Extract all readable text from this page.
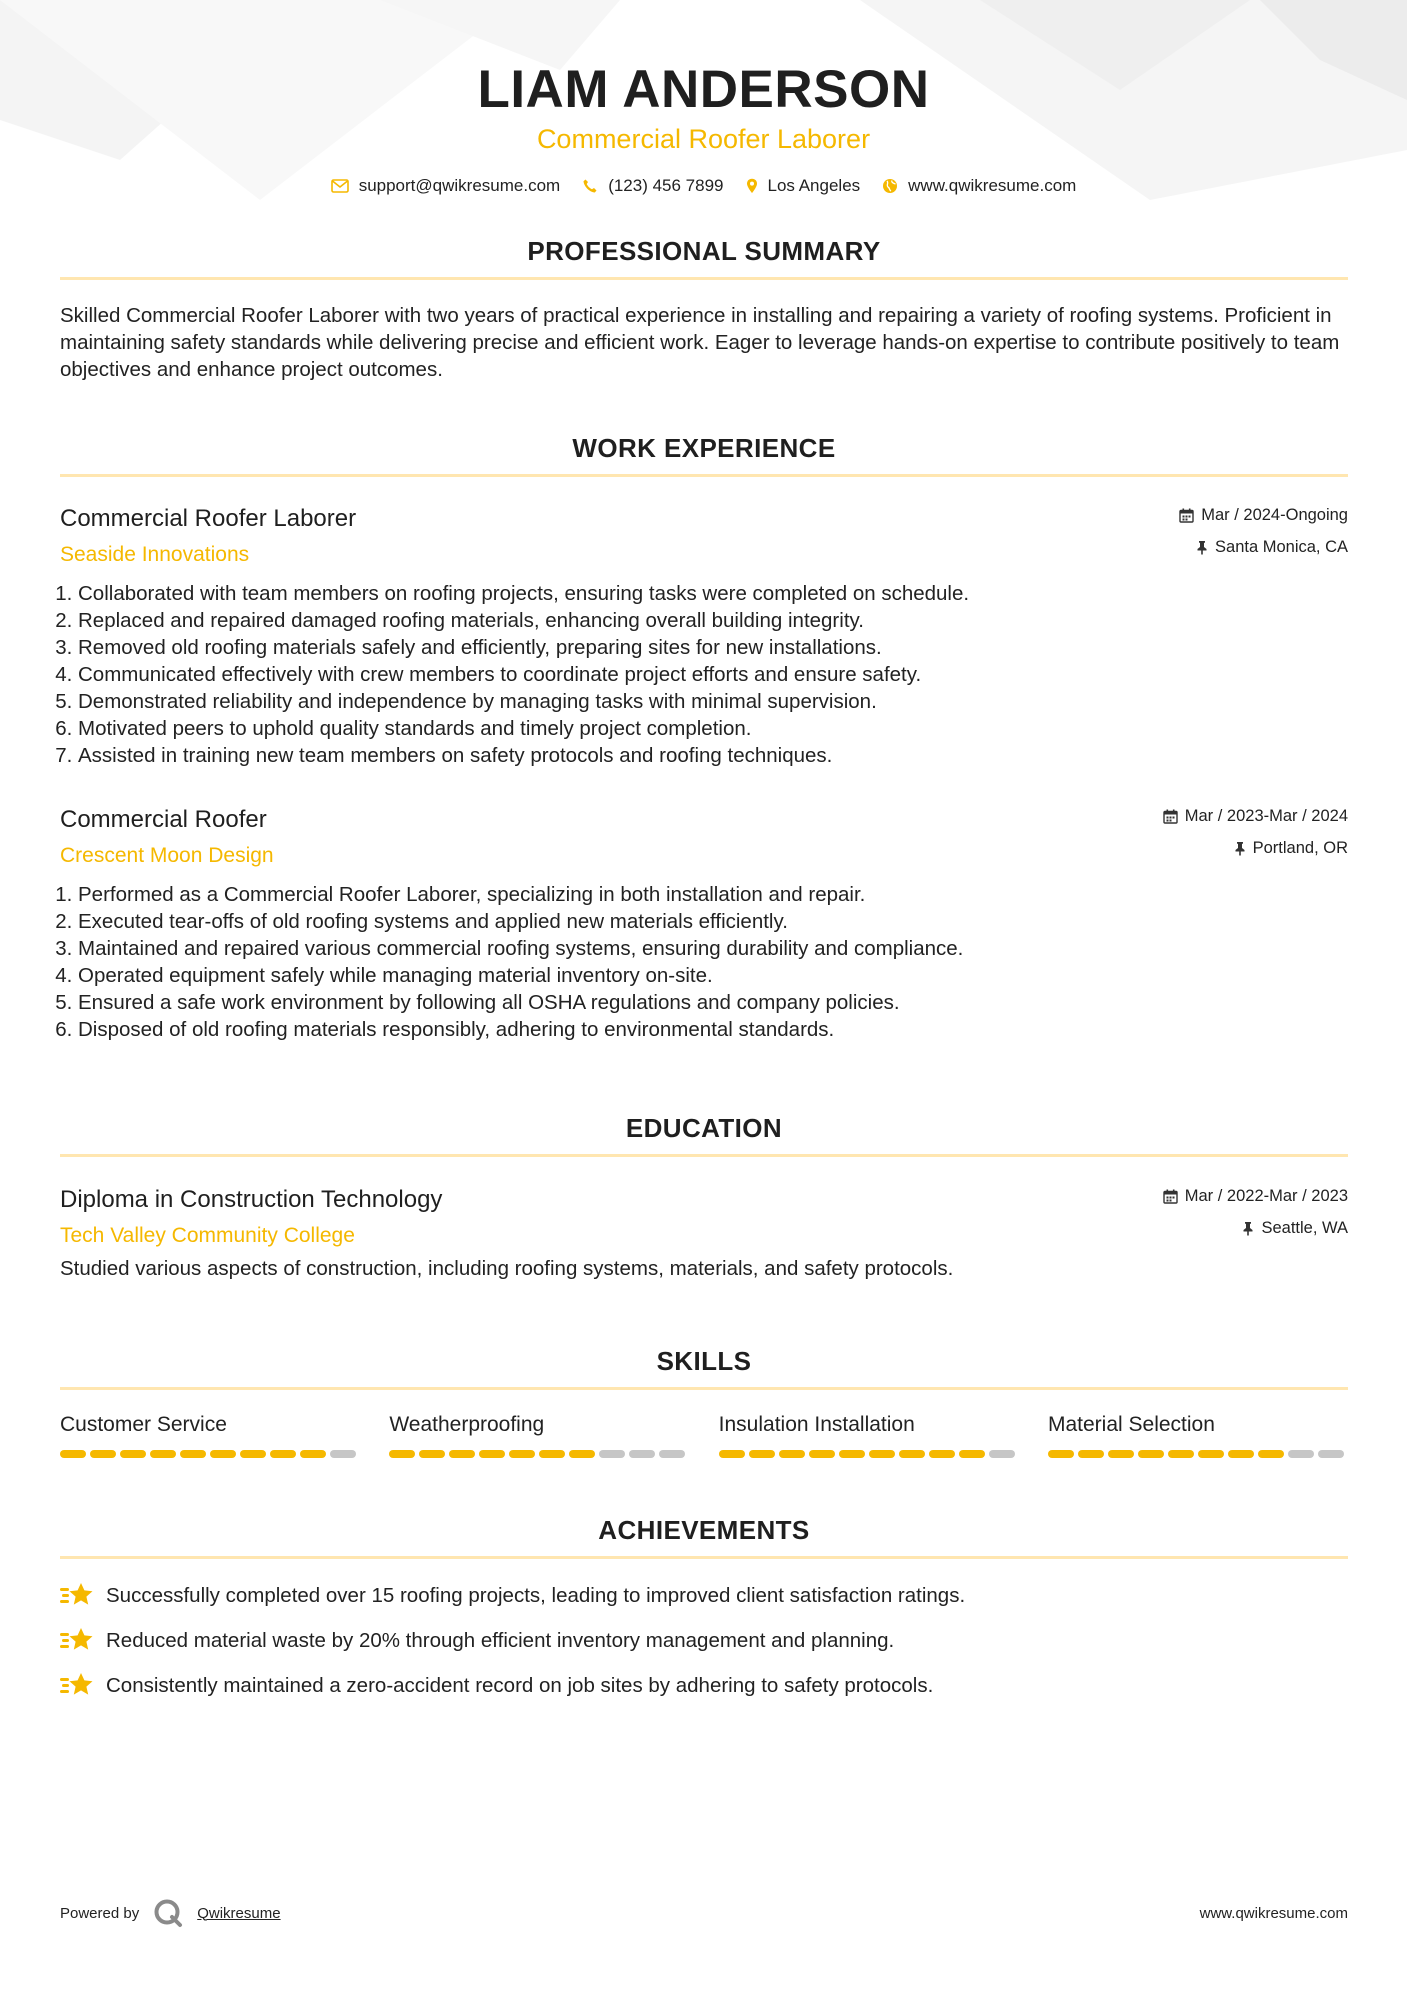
LIAM ANDERSON
Commercial Roofer Laborer
support@qwikresume.com	(123) 456 7899	Los Angeles	www.qwikresume.com
PROFESSIONAL SUMMARY
Skilled Commercial Roofer Laborer with two years of practical experience in installing and repairing a variety of roofing systems. Proficient in maintaining safety standards while delivering precise and efficient work. Eager to leverage hands-on expertise to contribute positively to team objectives and enhance project outcomes.
WORK EXPERIENCE
Commercial Roofer Laborer
Seaside Innovations
Mar / 2024-Ongoing
Santa Monica, CA
1. Collaborated with team members on roofing projects, ensuring tasks were completed on schedule.
2. Replaced and repaired damaged roofing materials, enhancing overall building integrity.
3. Removed old roofing materials safely and efficiently, preparing sites for new installations.
4. Communicated effectively with crew members to coordinate project efforts and ensure safety.
5. Demonstrated reliability and independence by managing tasks with minimal supervision.
6. Motivated peers to uphold quality standards and timely project completion.
7. Assisted in training new team members on safety protocols and roofing techniques.
Commercial Roofer
Crescent Moon Design
Mar / 2023-Mar / 2024
Portland, OR
1. Performed as a Commercial Roofer Laborer, specializing in both installation and repair.
2. Executed tear-offs of old roofing systems and applied new materials efficiently.
3. Maintained and repaired various commercial roofing systems, ensuring durability and compliance.
4. Operated equipment safely while managing material inventory on-site.
5. Ensured a safe work environment by following all OSHA regulations and company policies.
6. Disposed of old roofing materials responsibly, adhering to environmental standards.
EDUCATION
Diploma in Construction Technology
Tech Valley Community College
Mar / 2022-Mar / 2023
Seattle, WA
Studied various aspects of construction, including roofing systems, materials, and safety protocols.
SKILLS
Customer Service	Weatherproofing	Insulation Installation	Material Selection
ACHIEVEMENTS
Successfully completed over 15 roofing projects, leading to improved client satisfaction ratings.
Reduced material waste by 20% through efficient inventory management and planning.
Consistently maintained a zero-accident record on job sites by adhering to safety protocols.
Powered by	Qwikresume	www.qwikresume.com
